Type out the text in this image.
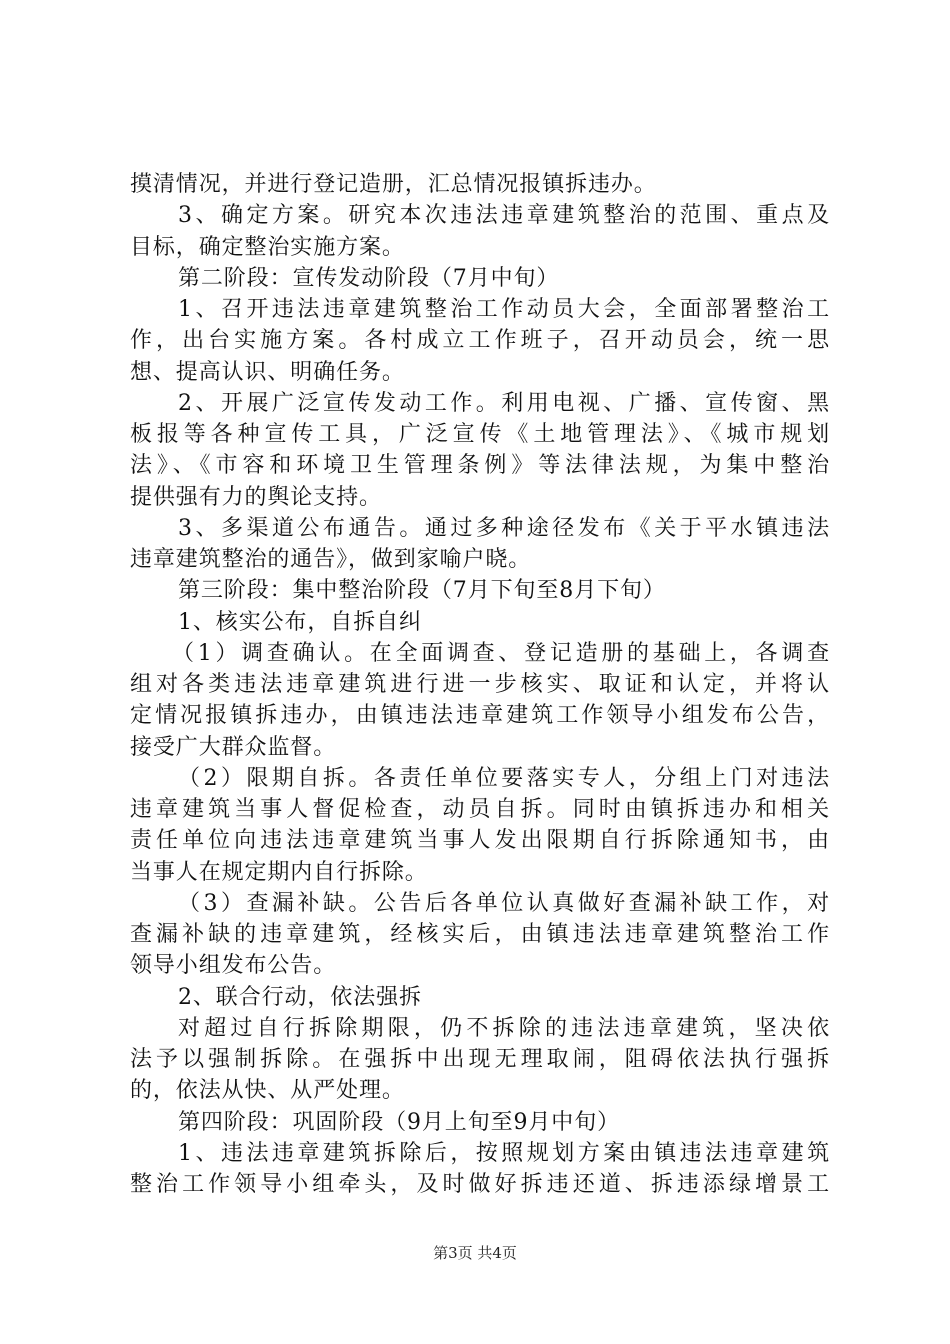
摸清情况，并进行登记造册，汇总情况报镇拆违办。
3、确定方案。研究本次违法违章建筑整治的范围、重点及
目标，确定整治实施方案。
第二阶段：宣传发动阶段（7月中旬）
1、召开违法违章建筑整治工作动员大会，全面部署整治工
作，出台实施方案。各村成立工作班子，召开动员会，统一思
想、提高认识、明确任务。
2、开展广泛宣传发动工作。利用电视、广播、宣传窗、黑
板报等各种宣传工具，广泛宣传《土地管理法》、《城市规划
法》、《市容和环境卫生管理条例》等法律法规，为集中整治
提供强有力的舆论支持。
3、多渠道公布通告。通过多种途径发布《关于平水镇违法
违章建筑整治的通告》，做到家喻户晓。
第三阶段：集中整治阶段（7月下旬至8月下旬）
1、核实公布，自拆自纠
（1）调查确认。在全面调查、登记造册的基础上，各调查
组对各类违法违章建筑进行进一步核实、取证和认定，并将认
定情况报镇拆违办，由镇违法违章建筑工作领导小组发布公告，
接受广大群众监督。
（2）限期自拆。各责任单位要落实专人，分组上门对违法
违章建筑当事人督促检查，动员自拆。同时由镇拆违办和相关
责任单位向违法违章建筑当事人发出限期自行拆除通知书，由
当事人在规定期内自行拆除。
（3）查漏补缺。公告后各单位认真做好查漏补缺工作，对
查漏补缺的违章建筑，经核实后，由镇违法违章建筑整治工作
领导小组发布公告。
2、联合行动，依法强拆
对超过自行拆除期限，仍不拆除的违法违章建筑，坚决依
法予以强制拆除。在强拆中出现无理取闹，阻碍依法执行强拆
的，依法从快、从严处理。
第四阶段：巩固阶段（9月上旬至9月中旬）
1、违法违章建筑拆除后，按照规划方案由镇违法违章建筑
整治工作领导小组牵头，及时做好拆违还道、拆违添绿增景工
第3页 共4页
